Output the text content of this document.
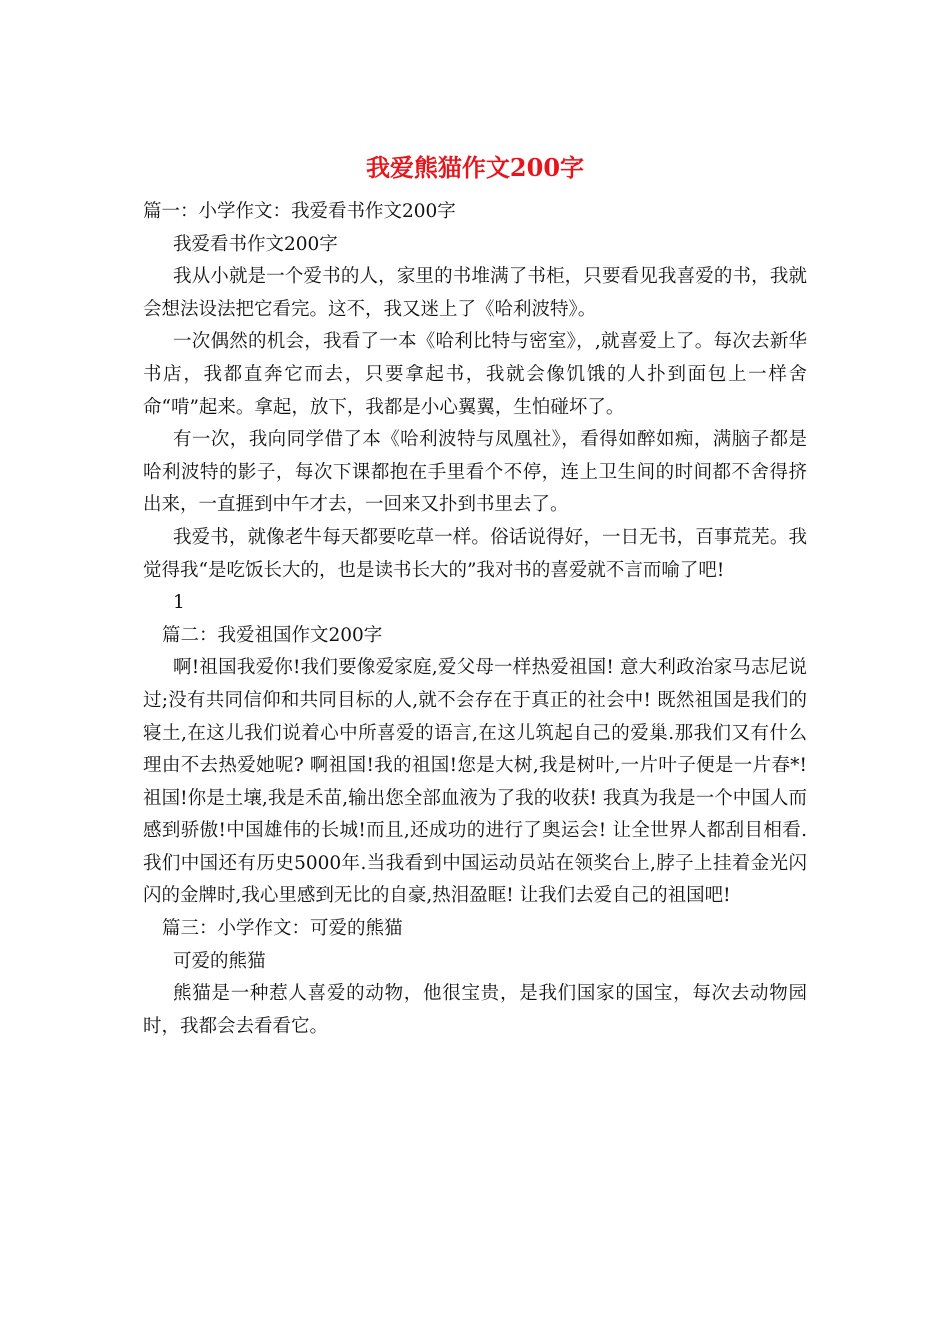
我爱熊猫作文200字

篇一：小学作文：我爱看书作文200字

我爱看书作文200字

我从小就是一个爱书的人，家里的书堆满了书柜，只要看见我喜爱的书，我就会想法设法把它看完。这不，我又迷上了《哈利波特》。

一次偶然的机会，我看了一本《哈利比特与密室》，,就喜爱上了。每次去新华书店，我都直奔它而去，只要拿起书，我就会像饥饿的人扑到面包上一样舍命“啃”起来。拿起，放下，我都是小心翼翼，生怕碰坏了。

有一次，我向同学借了本《哈利波特与凤凰社》，看得如醉如痴，满脑子都是哈利波特的影子，每次下课都抱在手里看个不停，连上卫生间的时间都不舍得挤出来，一直捱到中午才去，一回来又扑到书里去了。

我爱书，就像老牛每天都要吃草一样。俗话说得好，一日无书，百事荒芜。我觉得我“是吃饭长大的，也是读书长大的”我对书的喜爱就不言而喻了吧!

1

篇二：我爱祖国作文200字

啊!祖国我爱你!我们要像爱家庭,爱父母一样热爱祖国! 意大利政治家马志尼说过;没有共同信仰和共同目标的人,就不会存在于真正的社会中! 既然祖国是我们的寝土,在这儿我们说着心中所喜爱的语言,在这儿筑起自己的爱巢.那我们又有什么理由不去热爱她呢? 啊祖国!我的祖国!您是大树,我是树叶,一片叶子便是一片春*!祖国!你是土壤,我是禾苗,输出您全部血液为了我的收获! 我真为我是一个中国人而感到骄傲!中国雄伟的长城!而且,还成功的进行了奥运会! 让全世界人都刮目相看.我们中国还有历史5000年.当我看到中国运动员站在领奖台上,脖子上挂着金光闪闪的金牌时,我心里感到无比的自豪,热泪盈眶! 让我们去爱自己的祖国吧!

篇三：小学作文：可爱的熊猫

可爱的熊猫

熊猫是一种惹人喜爱的动物，他很宝贵，是我们国家的国宝，每次去动物园时，我都会去看看它。
